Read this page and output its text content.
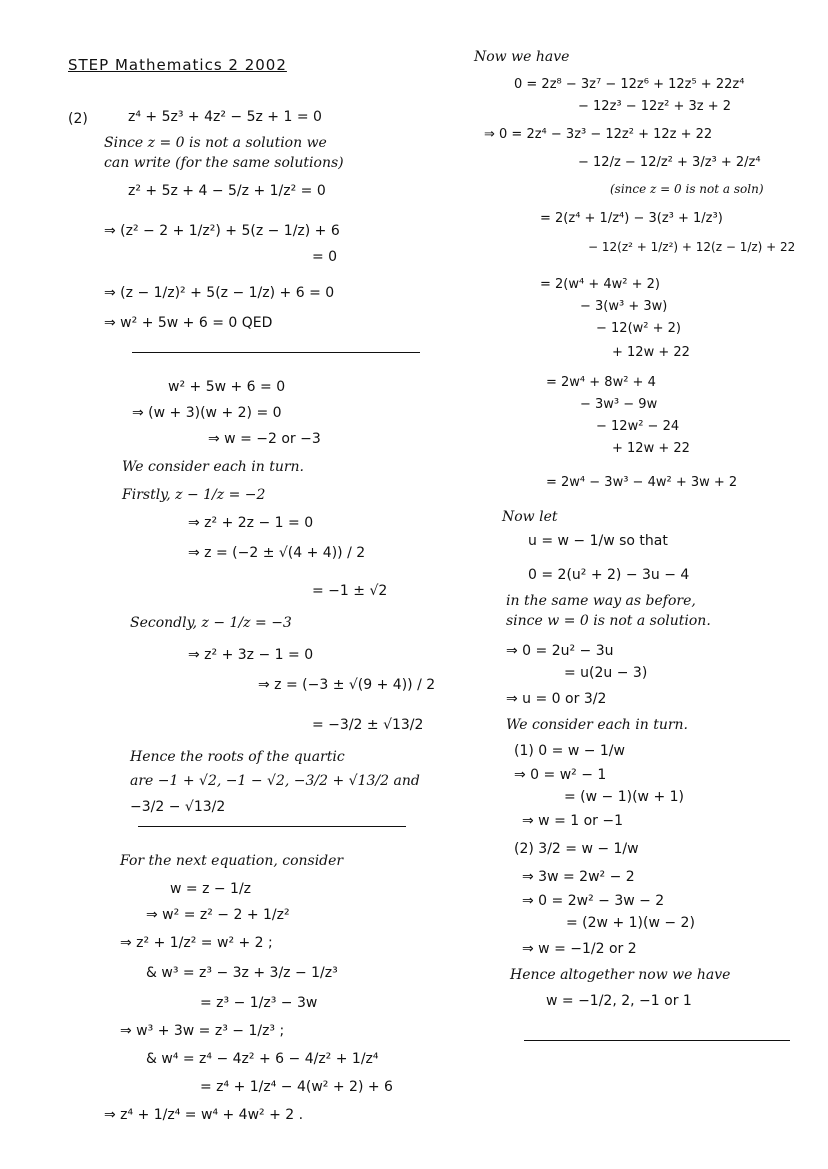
STEP Mathematics 2 2002
(2)	z⁴ + 5z³ + 4z² − 5z + 1 = 0
Since z = 0 is not a solution we
can write (for the same solutions)
z² + 5z + 4 − 5/z + 1/z² = 0
⇒ (z² − 2 + 1/z²) + 5(z − 1/z) + 6
= 0
⇒ (z − 1/z)² + 5(z − 1/z) + 6 = 0
⇒ w² + 5w + 6 = 0 QED
w² + 5w + 6 = 0
⇒ (w + 3)(w + 2) = 0
⇒ w = −2 or −3
We consider each in turn.
Firstly, z − 1/z = −2
⇒ z² + 2z − 1 = 0
⇒ z = (−2 ± √(4 + 4)) / 2
= −1 ± √2
Secondly, z − 1/z = −3
⇒ z² + 3z − 1 = 0
⇒ z = (−3 ± √(9 + 4)) / 2
= −3/2 ± √13/2
Hence the roots of the quartic
are −1 + √2, −1 − √2, −3/2 + √13/2 and
−3/2 − √13/2
For the next equation, consider
w = z − 1/z
⇒ w² = z² − 2 + 1/z²
⇒ z² + 1/z² = w² + 2 ;
& w³ = z³ − 3z + 3/z − 1/z³
= z³ − 1/z³ − 3w
⇒ w³ + 3w = z³ − 1/z³ ;
& w⁴ = z⁴ − 4z² + 6 − 4/z² + 1/z⁴
= z⁴ + 1/z⁴ − 4(w² + 2) + 6
⇒ z⁴ + 1/z⁴ = w⁴ + 4w² + 2 .
Now we have
0 = 2z⁸ − 3z⁷ − 12z⁶ + 12z⁵ + 22z⁴
− 12z³ − 12z² + 3z + 2
⇒ 0 = 2z⁴ − 3z³ − 12z² + 12z + 22
− 12/z − 12/z² + 3/z³ + 2/z⁴
(since z = 0 is not a soln)
= 2(z⁴ + 1/z⁴) − 3(z³ + 1/z³)
− 12(z² + 1/z²) + 12(z − 1/z) + 22
= 2(w⁴ + 4w² + 2)
− 3(w³ + 3w)
− 12(w² + 2)
+ 12w + 22
= 2w⁴ + 8w² + 4
− 3w³ − 9w
− 12w² − 24
+ 12w + 22
= 2w⁴ − 3w³ − 4w² + 3w + 2
Now let
u = w − 1/w so that
0 = 2(u² + 2) − 3u − 4
in the same way as before,
since w = 0 is not a solution.
⇒ 0 = 2u² − 3u
= u(2u − 3)
⇒ u = 0 or 3/2
We consider each in turn.
(1) 0 = w − 1/w
⇒ 0 = w² − 1
= (w − 1)(w + 1)
⇒ w = 1 or −1
(2) 3/2 = w − 1/w
⇒ 3w = 2w² − 2
⇒ 0 = 2w² − 3w − 2
= (2w + 1)(w − 2)
⇒ w = −1/2 or 2
Hence altogether now we have
w = −1/2, 2, −1 or 1
